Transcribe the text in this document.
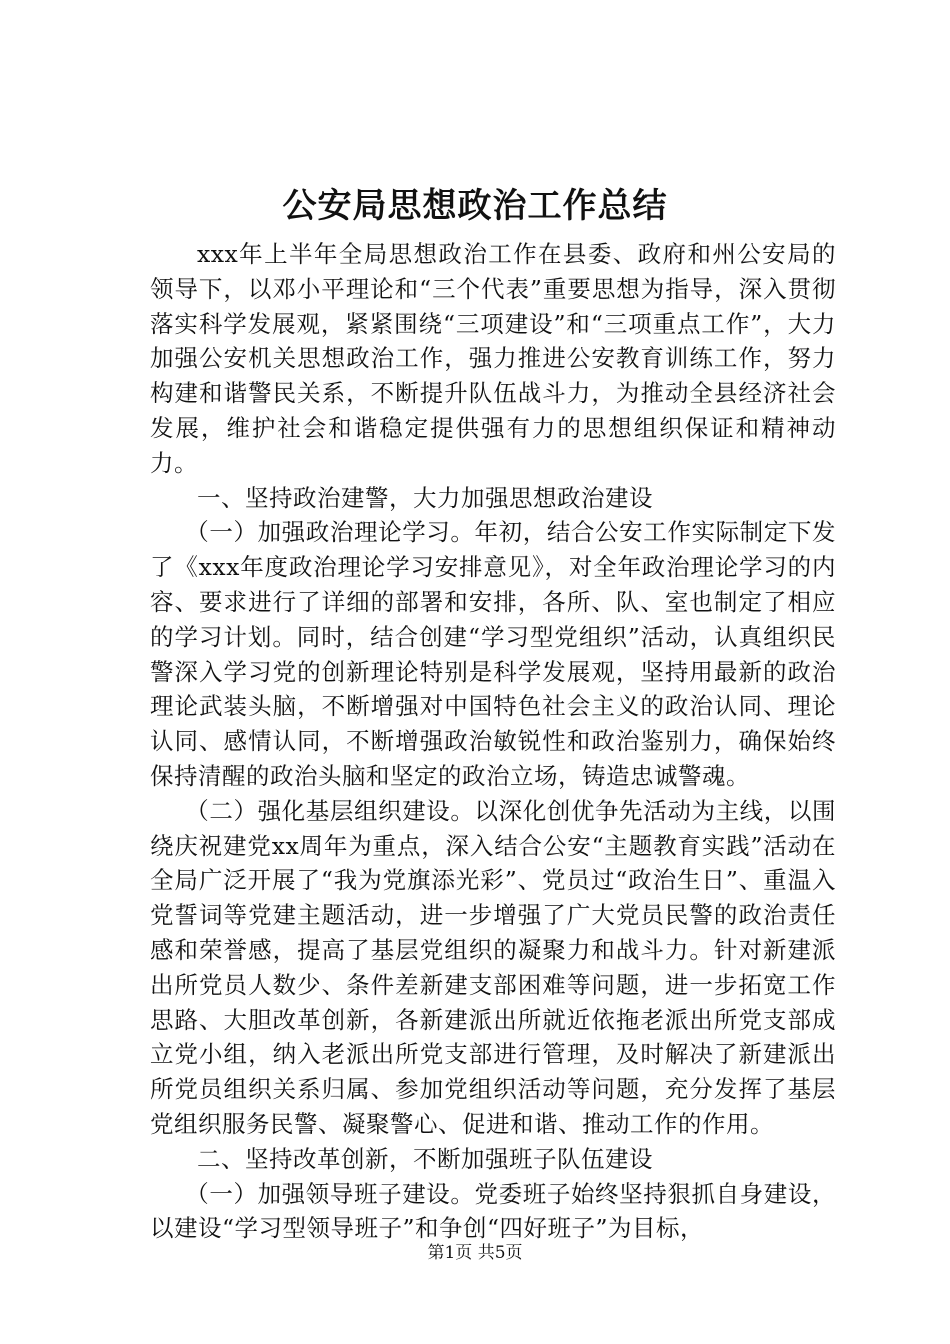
公安局思想政治工作总结

xxx年上半年全局思想政治工作在县委、政府和州公安局的领导下，以邓小平理论和“三个代表”重要思想为指导，深入贯彻落实科学发展观，紧紧围绕“三项建设”和“三项重点工作”，大力加强公安机关思想政治工作，强力推进公安教育训练工作，努力构建和谐警民关系，不断提升队伍战斗力，为推动全县经济社会发展，维护社会和谐稳定提供强有力的思想组织保证和精神动力。

一、坚持政治建警，大力加强思想政治建设

（一）加强政治理论学习。年初，结合公安工作实际制定下发了《xxx年度政治理论学习安排意见》，对全年政治理论学习的内容、要求进行了详细的部署和安排，各所、队、室也制定了相应的学习计划。同时，结合创建“学习型党组织”活动，认真组织民警深入学习党的创新理论特别是科学发展观，坚持用最新的政治理论武装头脑，不断增强对中国特色社会主义的政治认同、理论认同、感情认同，不断增强政治敏锐性和政治鉴别力，确保始终保持清醒的政治头脑和坚定的政治立场，铸造忠诚警魂。

（二）强化基层组织建设。以深化创优争先活动为主线，以围绕庆祝建党xx周年为重点，深入结合公安“主题教育实践”活动在全局广泛开展了“我为党旗添光彩”、党员过“政治生日”、重温入党誓词等党建主题活动，进一步增强了广大党员民警的政治责任感和荣誉感，提高了基层党组织的凝聚力和战斗力。针对新建派出所党员人数少、条件差新建支部困难等问题，进一步拓宽工作思路、大胆改革创新，各新建派出所就近依拖老派出所党支部成立党小组，纳入老派出所党支部进行管理，及时解决了新建派出所党员组织关系归属、参加党组织活动等问题，充分发挥了基层党组织服务民警、凝聚警心、促进和谐、推动工作的作用。

二、坚持改革创新，不断加强班子队伍建设

（一）加强领导班子建设。党委班子始终坚持狠抓自身建设，以建设“学习型领导班子”和争创“四好班子”为目标，

第1页 共5页
